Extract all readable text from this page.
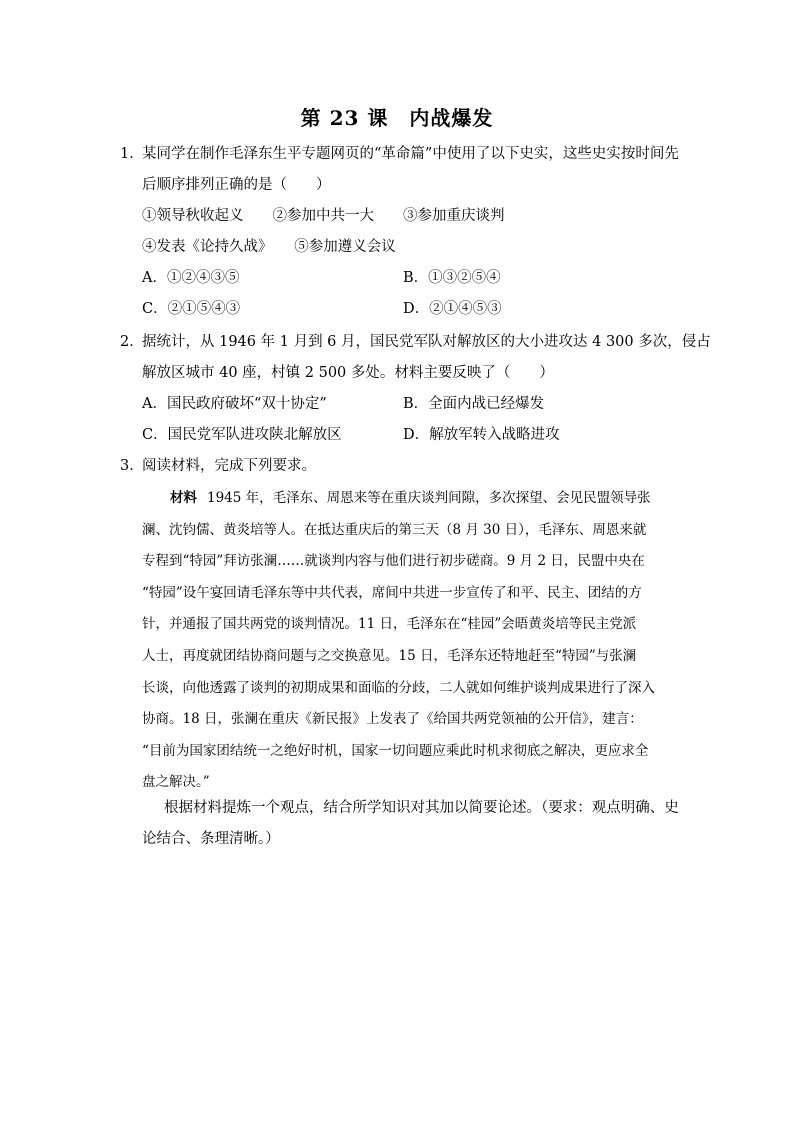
第 23 课　内战爆发
1．某同学在制作毛泽东生平专题网页的“革命篇”中使用了以下史实，这些史实按时间先
后顺序排列正确的是（　　）
①领导秋收起义　　②参加中共一大　　③参加重庆谈判
④发表《论持久战》　　⑤参加遵义会议
A．①②④③⑤	B．①③②⑤④
C．②①⑤④③	D．②①④⑤③
2．据统计，从 1946 年 1 月到 6 月，国民党军队对解放区的大小进攻达 4 300 多次，侵占
解放区城市 40 座，村镇 2 500 多处。材料主要反映了（　　）
A．国民政府破坏“双十协定”	B．全面内战已经爆发
C．国民党军队进攻陕北解放区	D．解放军转入战略进攻
3．阅读材料，完成下列要求。
材料 1945 年，毛泽东、周恩来等在重庆谈判间隙，多次探望、会见民盟领导张
澜、沈钧儒、黄炎培等人。在抵达重庆后的第三天（8 月 30 日），毛泽东、周恩来就
专程到“特园”拜访张澜……就谈判内容与他们进行初步磋商。9 月 2 日，民盟中央在
“特园”设午宴回请毛泽东等中共代表，席间中共进一步宣传了和平、民主、团结的方
针，并通报了国共两党的谈判情况。11 日，毛泽东在“桂园”会晤黄炎培等民主党派
人士，再度就团结协商问题与之交换意见。15 日，毛泽东还特地赶至“特园”与张澜
长谈，向他透露了谈判的初期成果和面临的分歧，二人就如何维护谈判成果进行了深入
协商。18 日，张澜在重庆《新民报》上发表了《给国共两党领袖的公开信》，建言：
“目前为国家团结统一之绝好时机，国家一切问题应乘此时机求彻底之解决，更应求全
盘之解决。”
根据材料提炼一个观点，结合所学知识对其加以简要论述。（要求：观点明确、史
论结合、条理清晰。）
